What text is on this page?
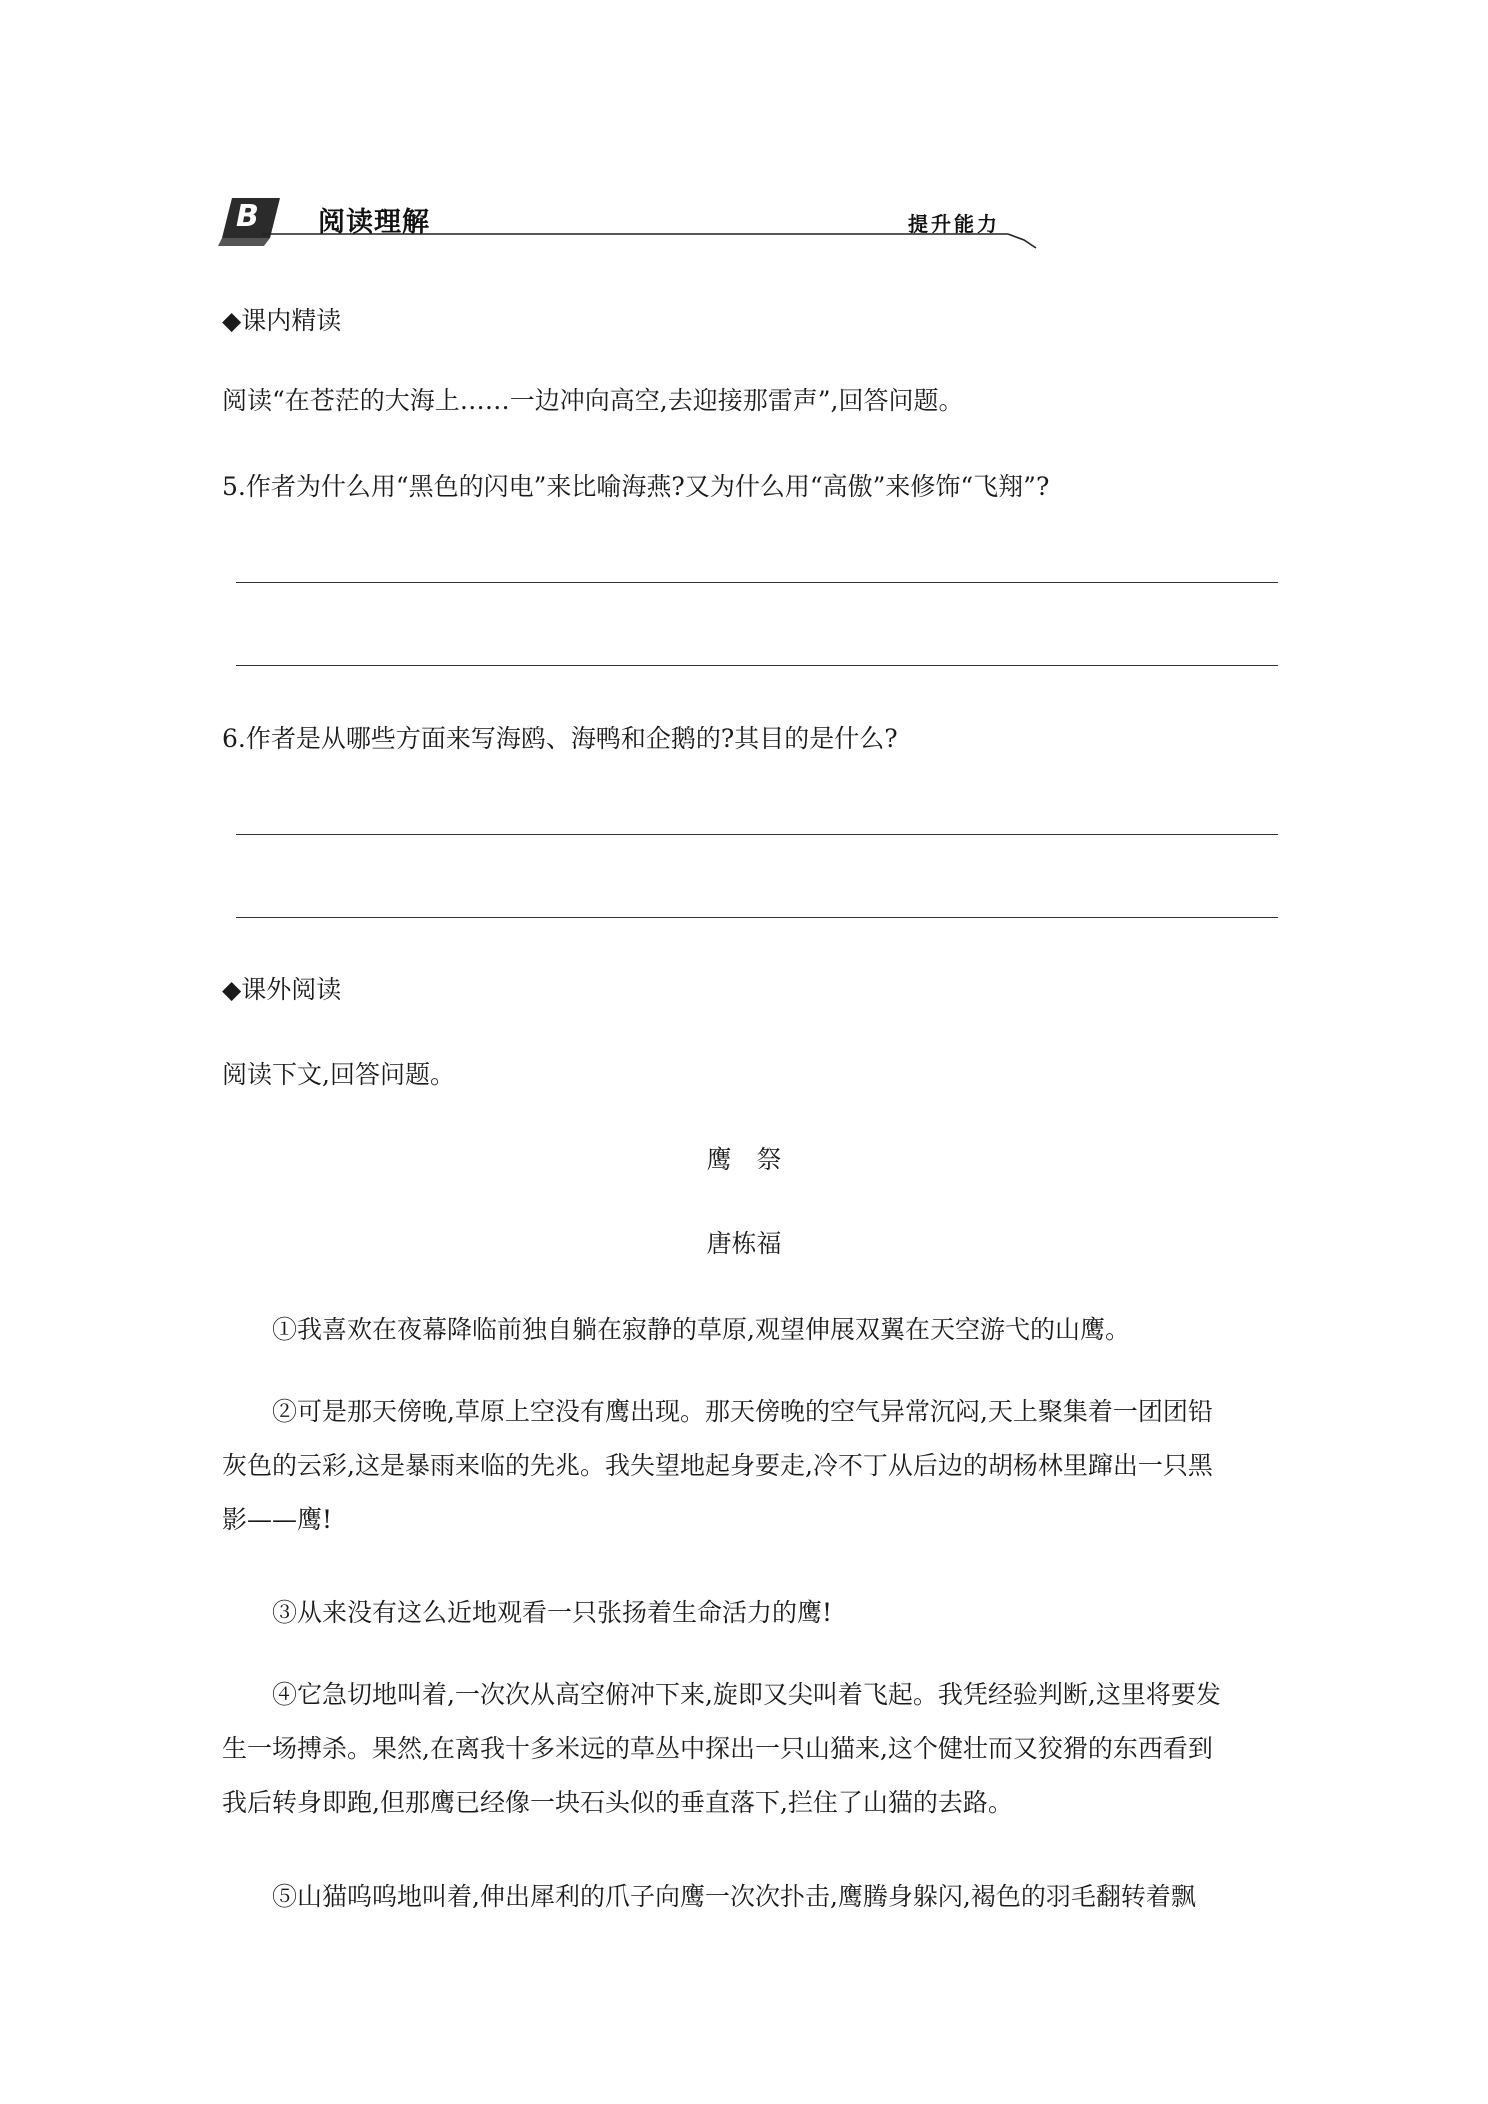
B 阅读理解	提升能力
◆课内精读
阅读“在苍茫的大海上……一边冲向高空,去迎接那雷声”,回答问题。
5.作者为什么用“黑色的闪电”来比喻海燕?又为什么用“高傲”来修饰“飞翔”?
6.作者是从哪些方面来写海鸥、海鸭和企鹅的?其目的是什么?
◆课外阅读
阅读下文,回答问题。
鹰　祭
唐栋福
①我喜欢在夜幕降临前独自躺在寂静的草原,观望伸展双翼在天空游弋的山鹰。
②可是那天傍晚,草原上空没有鹰出现。那天傍晚的空气异常沉闷,天上聚集着一团团铅
灰色的云彩,这是暴雨来临的先兆。我失望地起身要走,冷不丁从后边的胡杨林里蹿出一只黑
影——鹰!
③从来没有这么近地观看一只张扬着生命活力的鹰!
④它急切地叫着,一次次从高空俯冲下来,旋即又尖叫着飞起。我凭经验判断,这里将要发
生一场搏杀。果然,在离我十多米远的草丛中探出一只山猫来,这个健壮而又狡猾的东西看到
我后转身即跑,但那鹰已经像一块石头似的垂直落下,拦住了山猫的去路。
⑤山猫呜呜地叫着,伸出犀利的爪子向鹰一次次扑击,鹰腾身躲闪,褐色的羽毛翻转着飘
